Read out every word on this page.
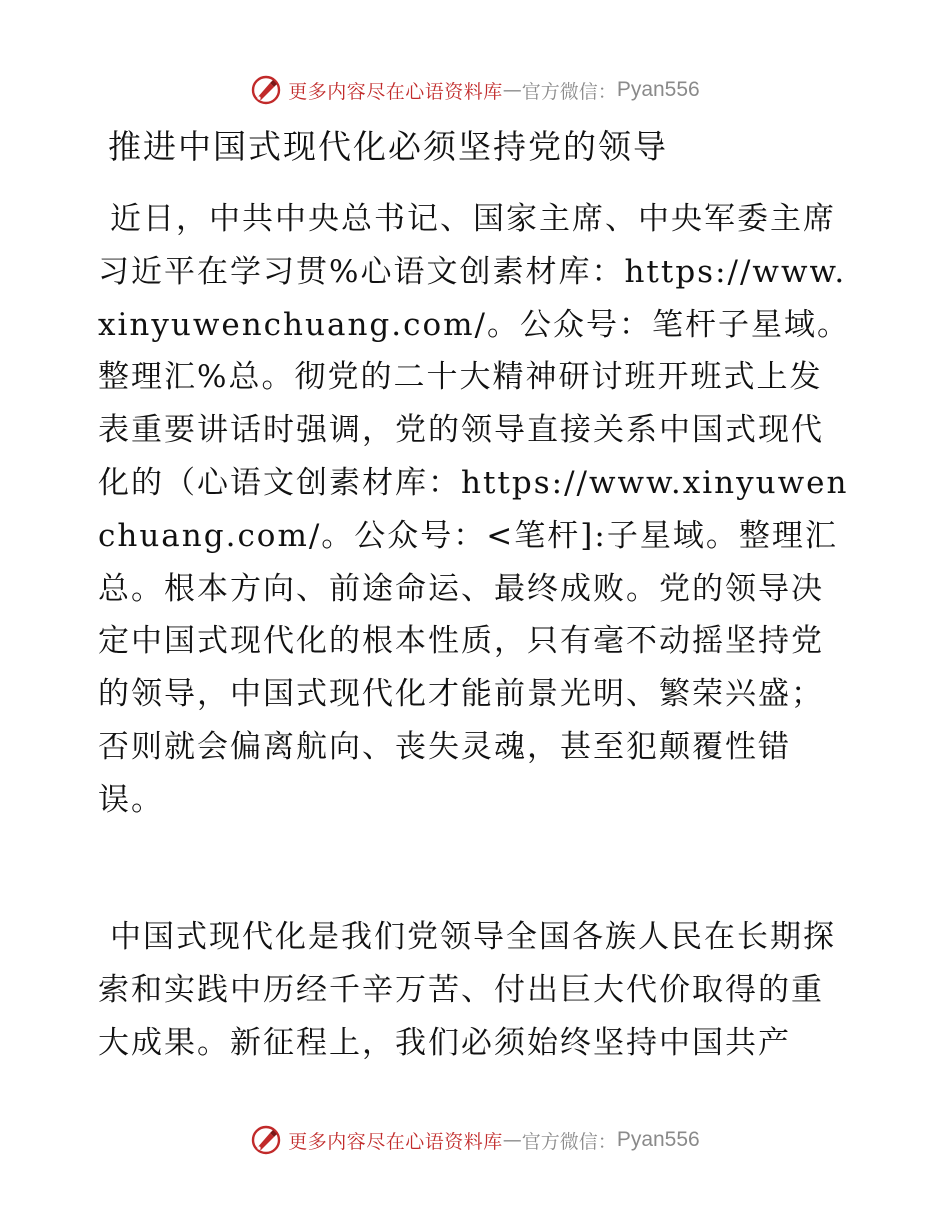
更多内容尽在心语资料库 — 官方微信： Pyan556
推进中国式现代化必须坚持党的领导
近日，中共中央总书记、国家主席、中央军委主席习近平在学习贯%心语文创素材库：https://www.xinyuwenchuang.com/。公众号：笔杆子星域。整理汇%总。彻党的二十大精神研讨班开班式上发表重要讲话时强调，党的领导直接关系中国式现代化的（心语文创素材库：https://www.xinyuwenchuang.com/。公众号：<笔杆]:子星域。整理汇总。根本方向、前途命运、最终成败。党的领导决定中国式现代化的根本性质，只有毫不动摇坚持党的领导，中国式现代化才能前景光明、繁荣兴盛；否则就会偏离航向、丧失灵魂，甚至犯颠覆性错误。
中国式现代化是我们党领导全国各族人民在长期探索和实践中历经千辛万苦、付出巨大代价取得的重大成果。新征程上，我们必须始终坚持中国共产
更多内容尽在心语资料库 — 官方微信： Pyan556
